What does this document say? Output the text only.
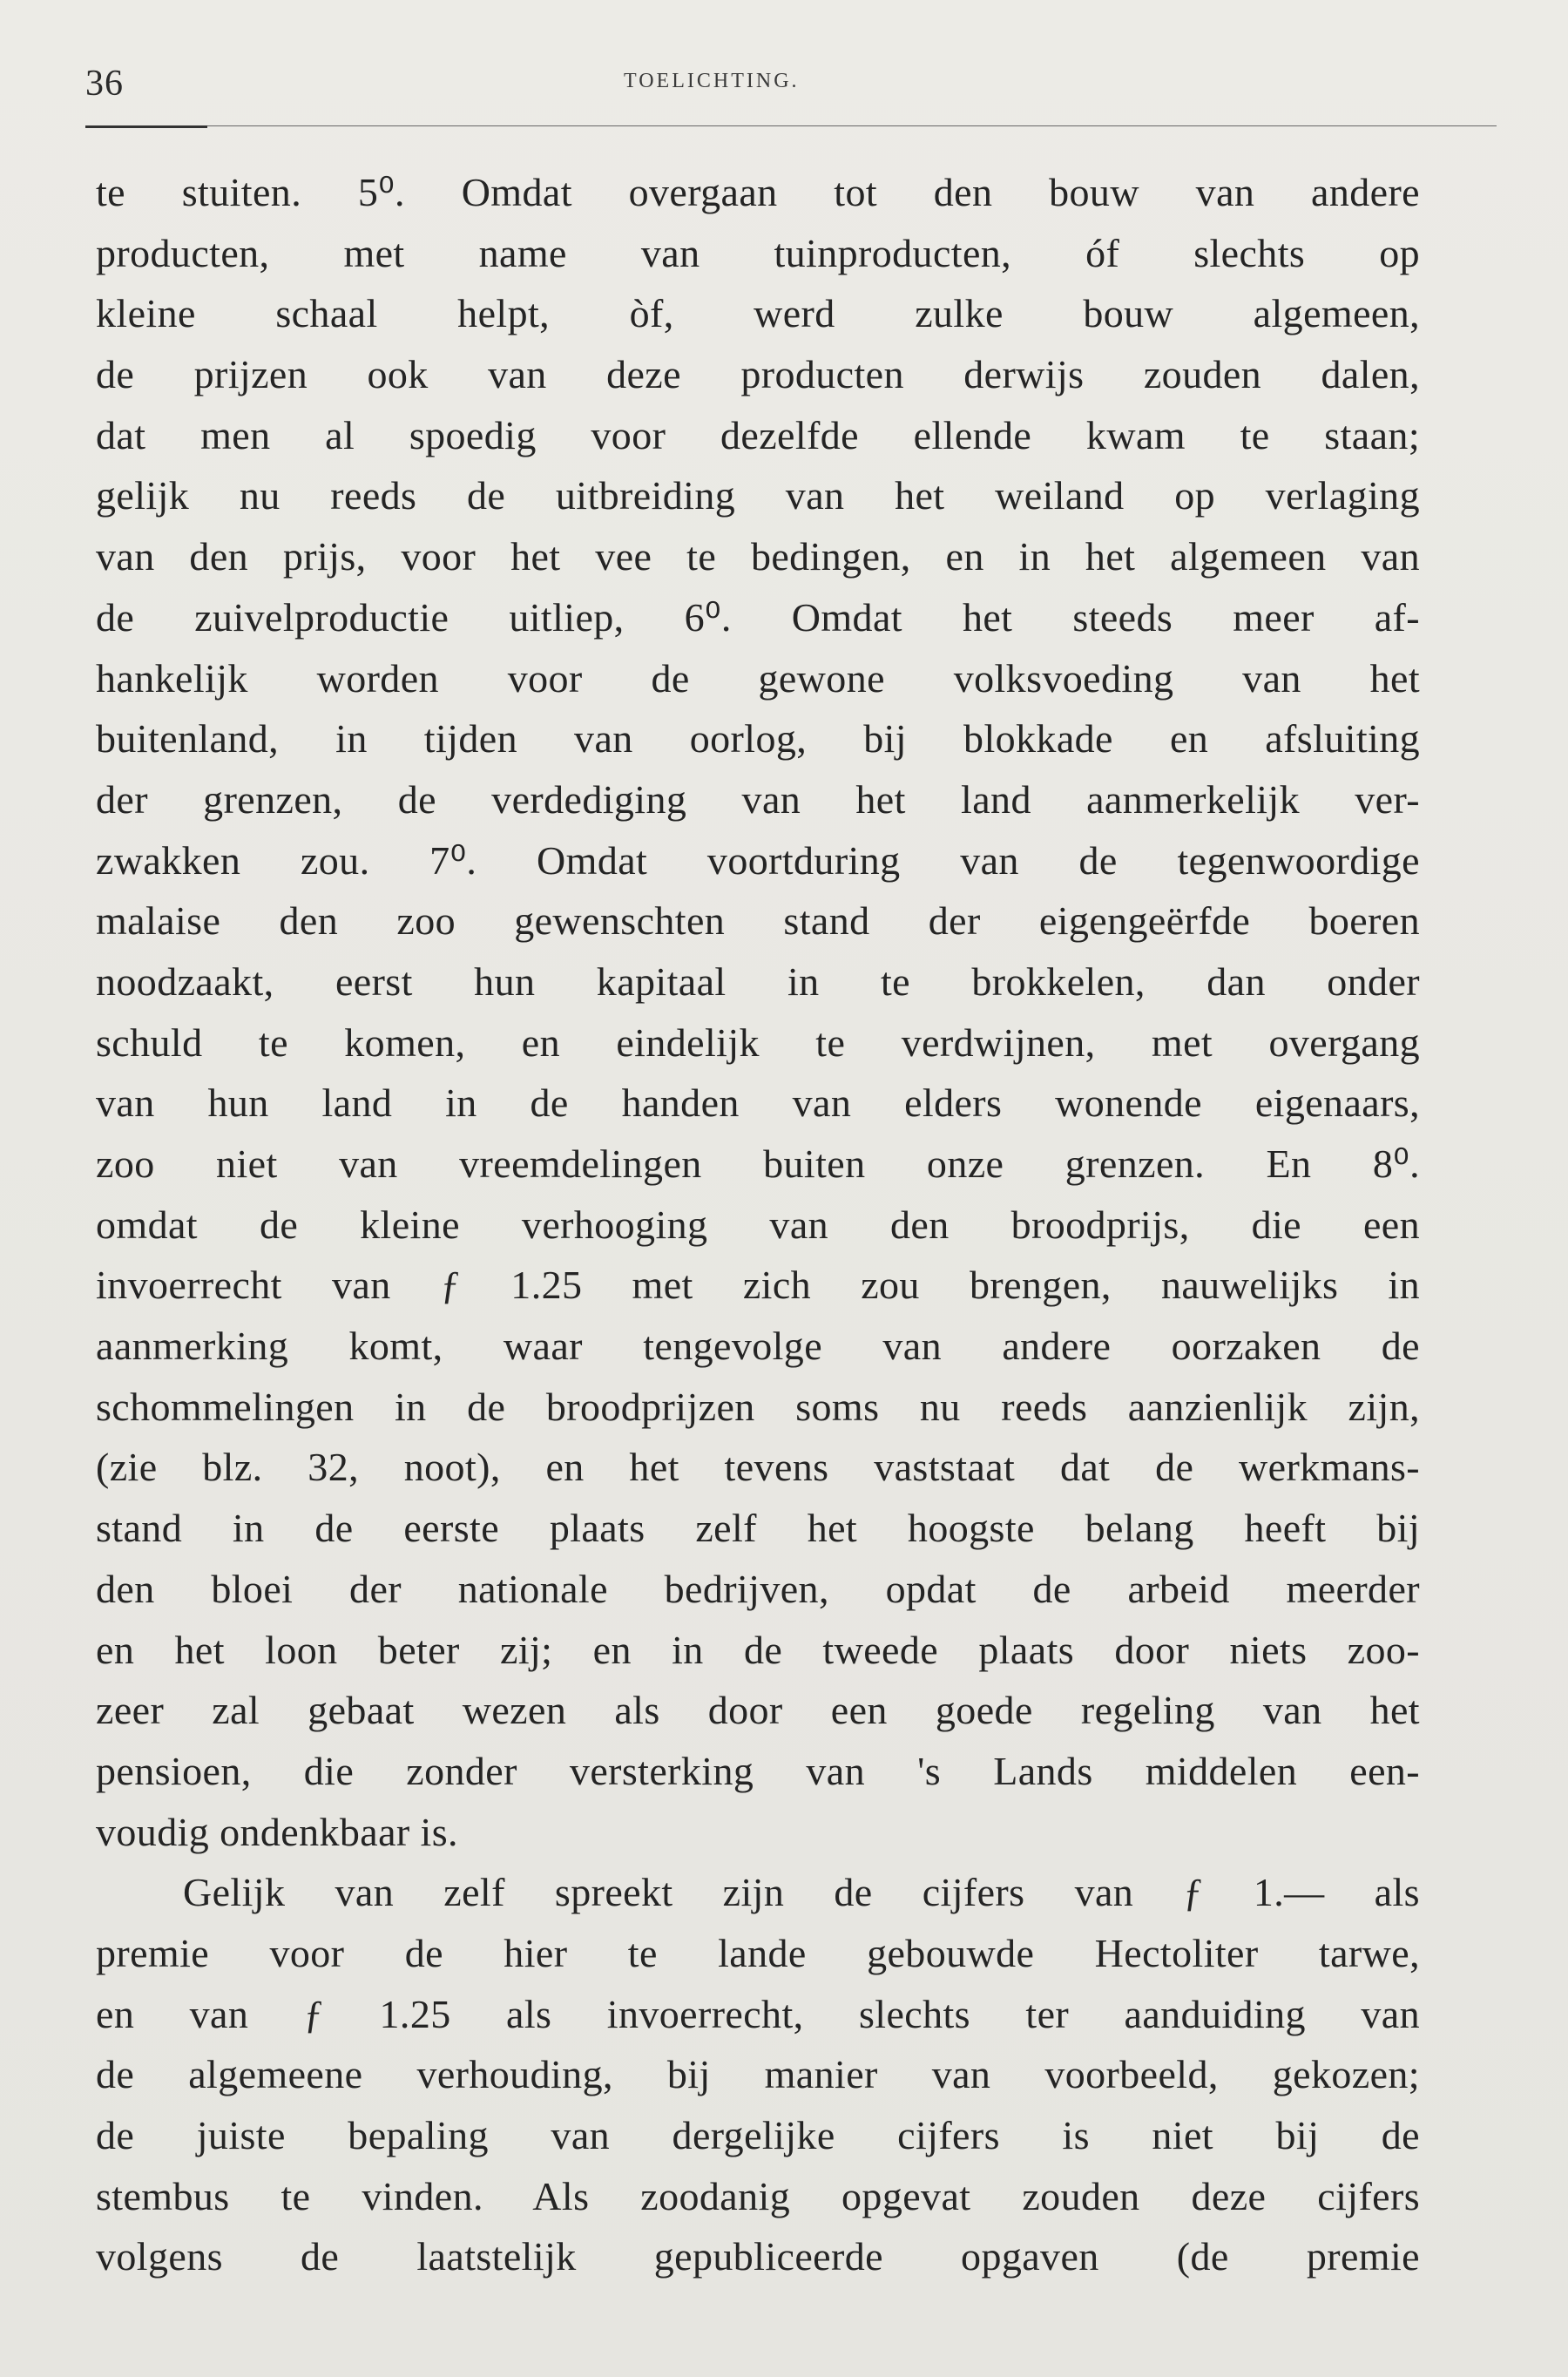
36	TOELICHTING.
te stuiten. 5⁰. Omdat overgaan tot den bouw van andere
producten, met name van tuinproducten, óf slechts op
kleine schaal helpt, òf, werd zulke bouw algemeen,
de prijzen ook van deze producten derwijs zouden dalen,
dat men al spoedig voor dezelfde ellende kwam te staan;
gelijk nu reeds de uitbreiding van het weiland op verlaging
van den prijs, voor het vee te bedingen, en in het algemeen van
de zuivelproductie uitliep, 6⁰. Omdat het steeds meer af-
hankelijk worden voor de gewone volksvoeding van het
buitenland, in tijden van oorlog, bij blokkade en afsluiting
der grenzen, de verdediging van het land aanmerkelijk ver-
zwakken zou. 7⁰. Omdat voortduring van de tegenwoordige
malaise den zoo gewenschten stand der eigengeërfde boeren
noodzaakt, eerst hun kapitaal in te brokkelen, dan onder
schuld te komen, en eindelijk te verdwijnen, met overgang
van hun land in de handen van elders wonende eigenaars,
zoo niet van vreemdelingen buiten onze grenzen. En 8⁰.
omdat de kleine verhooging van den broodprijs, die een
invoerrecht van ƒ 1.25 met zich zou brengen, nauwelijks in
aanmerking komt, waar tengevolge van andere oorzaken de
schommelingen in de broodprijzen soms nu reeds aanzienlijk zijn,
(zie blz. 32, noot), en het tevens vaststaat dat de werkmans-
stand in de eerste plaats zelf het hoogste belang heeft bij
den bloei der nationale bedrijven, opdat de arbeid meerder
en het loon beter zij; en in de tweede plaats door niets zoo-
zeer zal gebaat wezen als door een goede regeling van het
pensioen, die zonder versterking van 's Lands middelen een-
voudig ondenkbaar is.
Gelijk van zelf spreekt zijn de cijfers van ƒ 1.— als
premie voor de hier te lande gebouwde Hectoliter tarwe,
en van ƒ 1.25 als invoerrecht, slechts ter aanduiding van
de algemeene verhouding, bij manier van voorbeeld, gekozen;
de juiste bepaling van dergelijke cijfers is niet bij de
stembus te vinden. Als zoodanig opgevat zouden deze cijfers
volgens de laatstelijk gepubliceerde opgaven (de premie
